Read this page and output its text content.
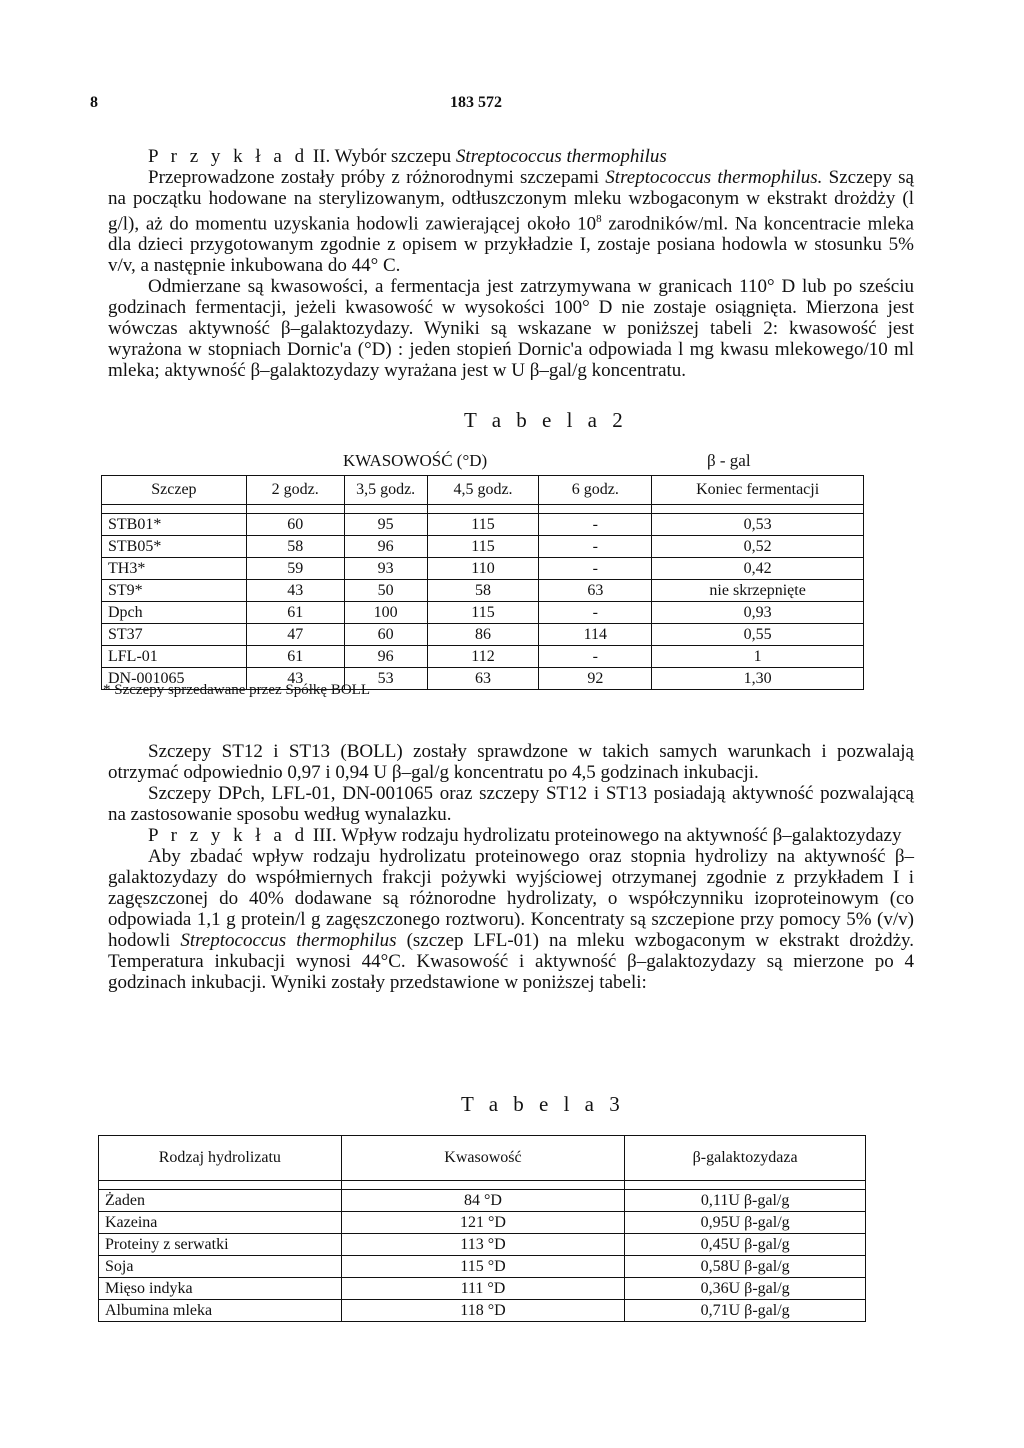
8	183 572

P r z y k ł a d II. Wybór szczepu Streptococcus thermophilus

Przeprowadzone zostały próby z różnorodnymi szczepami Streptococcus thermophilus. Szczepy są na początku hodowane na sterylizowanym, odtłuszczonym mleku wzbogaconym w ekstrakt drożdży (l g/l), aż do momentu uzyskania hodowli zawierającej około $10^8$ zarodników/ml. Na koncentracie mleka dla dzieci przygotowanym zgodnie z opisem w przykładzie I, zostaje posiana hodowla w stosunku 5% v/v, a następnie inkubowana do 44° C.

Odmierzane są kwasowości, a fermentacja jest zatrzymywana w granicach 110° D lub po sześciu godzinach fermentacji, jeżeli kwasowość w wysokości 100° D nie zostaje osiągnięta. Mierzona jest wówczas aktywność β–galaktozydazy. Wyniki są wskazane w poniższej tabeli 2: kwasowość jest wyrażona w stopniach Dornic'a (°D) : jeden stopień Dornic'a odpowiada l mg kwasu mlekowego/10 ml mleka; aktywność β–galaktozydazy wyrażana jest w U β–gal/g koncentratu.

T a b e l a 2
KWASOWOŚĆ (°D)	β - gal
Szczep	2 godz.	3,5 godz.	4,5 godz.	6 godz.	Koniec fermentacji

STB01*	60	95	115	-	0,53
STB05*	58	96	115	-	0,52
TH3*	59	93	110	-	0,42
ST9*	43	50	58	63	nie skrzepnięte
Dpch	61	100	115	-	0,93
ST37	47	60	86	114	0,55
LFL-01	61	96	112	-	1
DN-001065	43	53	63	92	1,30
* Szczepy sprzedawane przez Spółkę BOLL

Szczepy ST12 i ST13 (BOLL) zostały sprawdzone w takich samych warunkach i pozwalają otrzymać odpowiednio 0,97 i 0,94 U β–gal/g koncentratu po 4,5 godzinach inkubacji.

Szczepy DPch, LFL-01, DN-001065 oraz szczepy ST12 i ST13 posiadają aktywność pozwalającą na zastosowanie sposobu według wynalazku.

P r z y k ł a d III. Wpływ rodzaju hydrolizatu proteinowego na aktywność β–galaktozydazy

Aby zbadać wpływ rodzaju hydrolizatu proteinowego oraz stopnia hydrolizy na aktywność β–galaktozydazy do współmiernych frakcji pożywki wyjściowej otrzymanej zgodnie z przykładem I i zagęszczonej do 40% dodawane są różnorodne hydrolizaty, o współczynniku izoproteinowym (co odpowiada 1,1 g protein/l g zagęszczonego roztworu). Koncentraty są szczepione przy pomocy 5% (v/v) hodowli Streptococcus thermophilus (szczep LFL-01) na mleku wzbogaconym w ekstrakt drożdży. Temperatura inkubacji wynosi 44°C. Kwasowość i aktywność β–galaktozydazy są mierzone po 4 godzinach inkubacji. Wyniki zostały przedstawione w poniższej tabeli:

T a b e l a 3
Rodzaj hydrolizatu	Kwasowość	β-galaktozydaza

Żaden	84 °D	0,11U β-gal/g
Kazeina	121 °D	0,95U β-gal/g
Proteiny z serwatki	113 °D	0,45U β-gal/g
Soja	115 °D	0,58U β-gal/g
Mięso indyka	111 °D	0,36U β-gal/g
Albumina mleka	118 °D	0,71U β-gal/g
